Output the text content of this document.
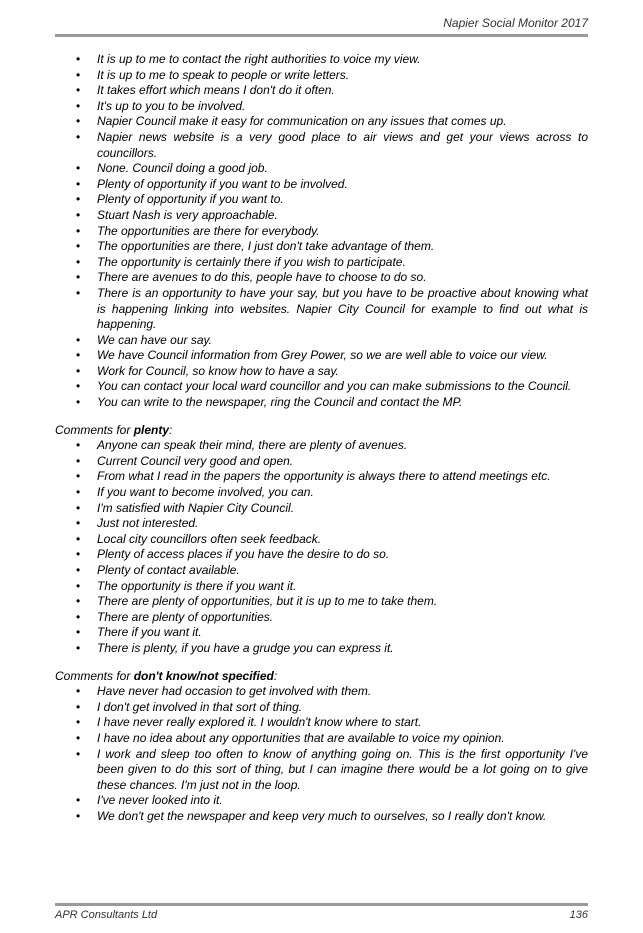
Napier Social Monitor 2017
• It is up to me to contact the right authorities to voice my view.
• It is up to me to speak to people or write letters.
• It takes effort which means I don't do it often.
• It's up to you to be involved.
• Napier Council make it easy for communication on any issues that comes up.
• Napier news website is a very good place to air views and get your views across to councillors.
• None. Council doing a good job.
• Plenty of opportunity if you want to be involved.
• Plenty of opportunity if you want to.
• Stuart Nash is very approachable.
• The opportunities are there for everybody.
• The opportunities are there, I just don't take advantage of them.
• The opportunity is certainly there if you wish to participate.
• There are avenues to do this, people have to choose to do so.
• There is an opportunity to have your say, but you have to be proactive about knowing what is happening linking into websites. Napier City Council for example to find out what is happening.
• We can have our say.
• We have Council information from Grey Power, so we are well able to voice our view.
• Work for Council, so know how to have a say.
• You can contact your local ward councillor and you can make submissions to the Council.
• You can write to the newspaper, ring the Council and contact the MP.

Comments for plenty:

• Anyone can speak their mind, there are plenty of avenues.
• Current Council very good and open.
• From what I read in the papers the opportunity is always there to attend meetings etc.
• If you want to become involved, you can.
• I'm satisfied with Napier City Council.
• Just not interested.
• Local city councillors often seek feedback.
• Plenty of access places if you have the desire to do so.
• Plenty of contact available.
• The opportunity is there if you want it.
• There are plenty of opportunities, but it is up to me to take them.
• There are plenty of opportunities.
• There if you want it.
• There is plenty, if you have a grudge you can express it.

Comments for don't know/not specified:

• Have never had occasion to get involved with them.
• I don't get involved in that sort of thing.
• I have never really explored it. I wouldn't know where to start.
• I have no idea about any opportunities that are available to voice my opinion.
• I work and sleep too often to know of anything going on. This is the first opportunity I've been given to do this sort of thing, but I can imagine there would be a lot going on to give these chances. I'm just not in the loop.
• I've never looked into it.
• We don't get the newspaper and keep very much to ourselves, so I really don't know.
APR Consultants Ltd	136
